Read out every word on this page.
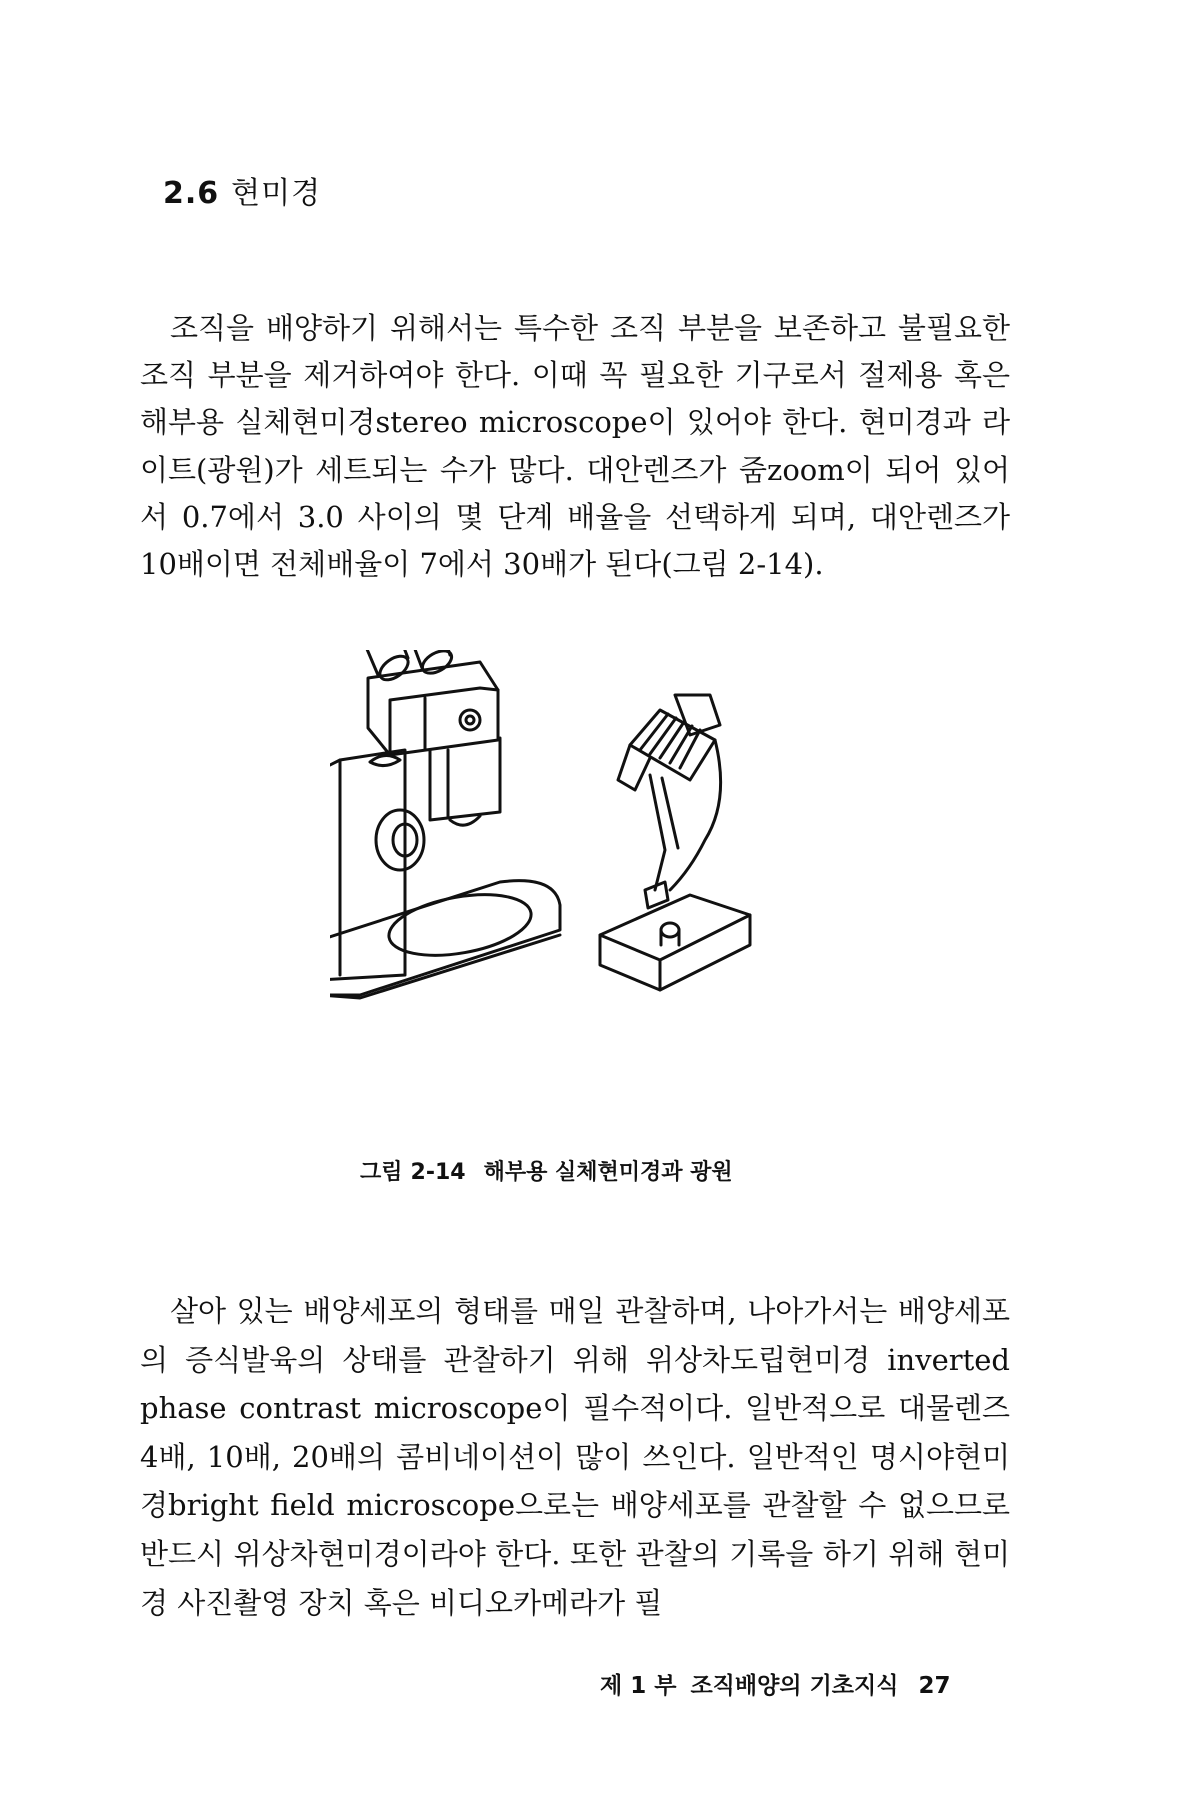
2.6 현미경

조직을 배양하기 위해서는 특수한 조직 부분을 보존하고 불필요한 조직 부분을 제거하여야 한다. 이때 꼭 필요한 기구로서 절제용 혹은 해부용 실체현미경stereo microscope이 있어야 한다. 현미경과 라이트(광원)가 세트되는 수가 많다. 대안렌즈가 줌zoom이 되어 있어서 0.7에서 3.0 사이의 몇 단계 배율을 선택하게 되며, 대안렌즈가 10배이면 전체배율이 7에서 30배가 된다(그림 2-14).

그림 2-14 해부용 실체현미경과 광원

살아 있는 배양세포의 형태를 매일 관찰하며, 나아가서는 배양세포의 증식발육의 상태를 관찰하기 위해 위상차도립현미경 inverted phase contrast microscope이 필수적이다. 일반적으로 대물렌즈 4배, 10배, 20배의 콤비네이션이 많이 쓰인다. 일반적인 명시야현미경bright field microscope으로는 배양세포를 관찰할 수 없으므로 반드시 위상차현미경이라야 한다. 또한 관찰의 기록을 하기 위해 현미경 사진촬영 장치 혹은 비디오카메라가 필

제 1 부 조직배양의 기초지식 27
